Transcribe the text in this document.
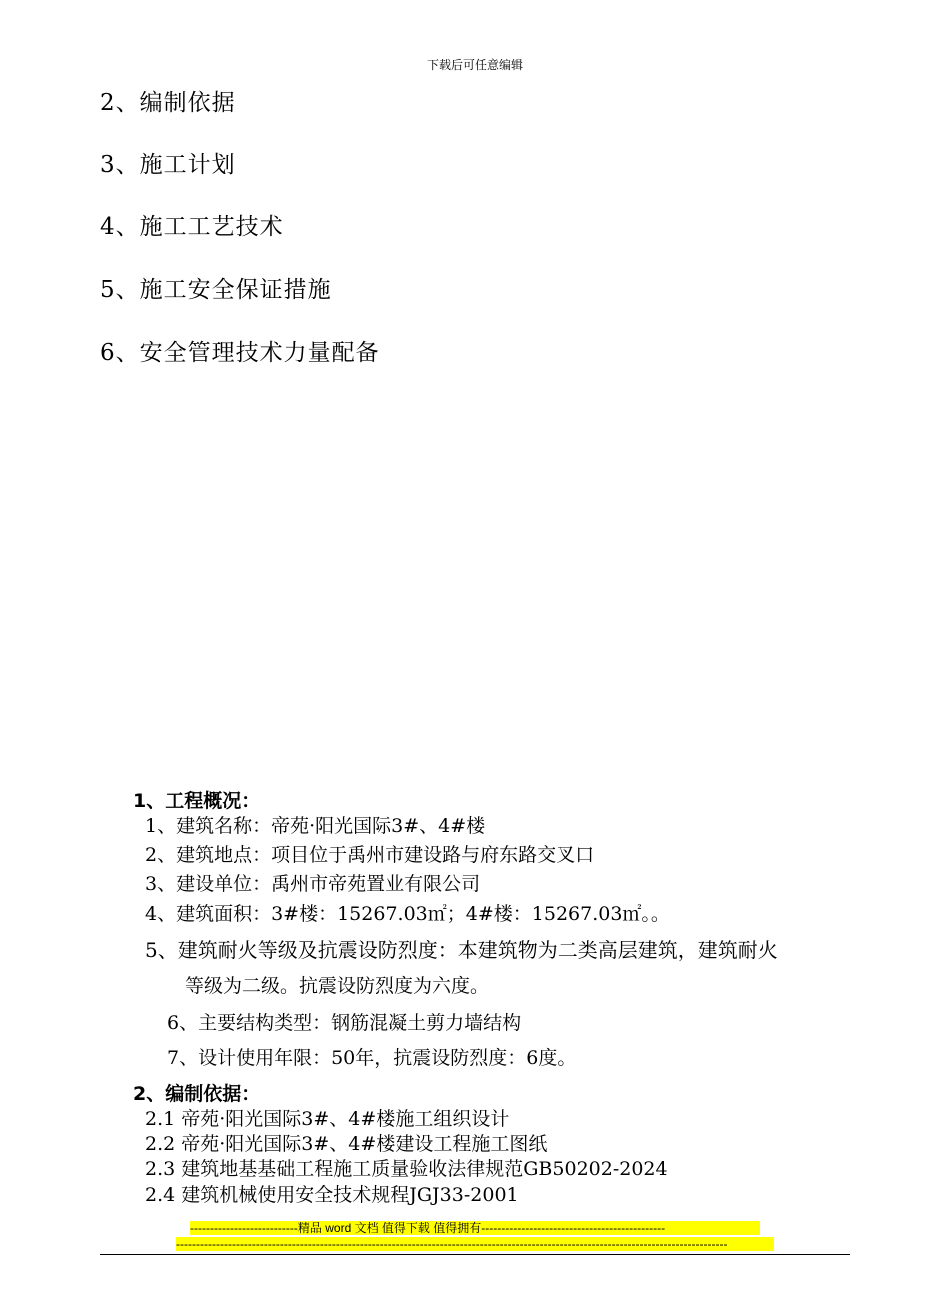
下载后可任意编辑
2、编制依据
3、施工计划
4、施工工艺技术
5、施工安全保证措施
6、安全管理技术力量配备
1、工程概况：
1、建筑名称：帝苑·阳光国际3#、4#楼
2、建筑地点：项目位于禹州市建设路与府东路交叉口
3、建设单位：禹州市帝苑置业有限公司
4、建筑面积：3#楼：15267.03㎡；4#楼：15267.03㎡。。
5、建筑耐火等级及抗震设防烈度：本建筑物为二类高层建筑，建筑耐火
等级为二级。抗震设防烈度为六度。
6、主要结构类型：钢筋混凝土剪力墙结构
7、设计使用年限：50年，抗震设防烈度：6度。
2、编制依据：
2.1 帝苑·阳光国际3#、4#楼施工组织设计
2.2 帝苑·阳光国际3#、4#楼建设工程施工图纸
2.3 建筑地基基础工程施工质量验收法律规范GB50202-2024
2.4 建筑机械使用安全技术规程JGJ33-2001
---------------------------精品 word 文档 值得下载 值得拥有----------------------------------------------
------------------------------------------------------------------------------------------------------------------------------------------
